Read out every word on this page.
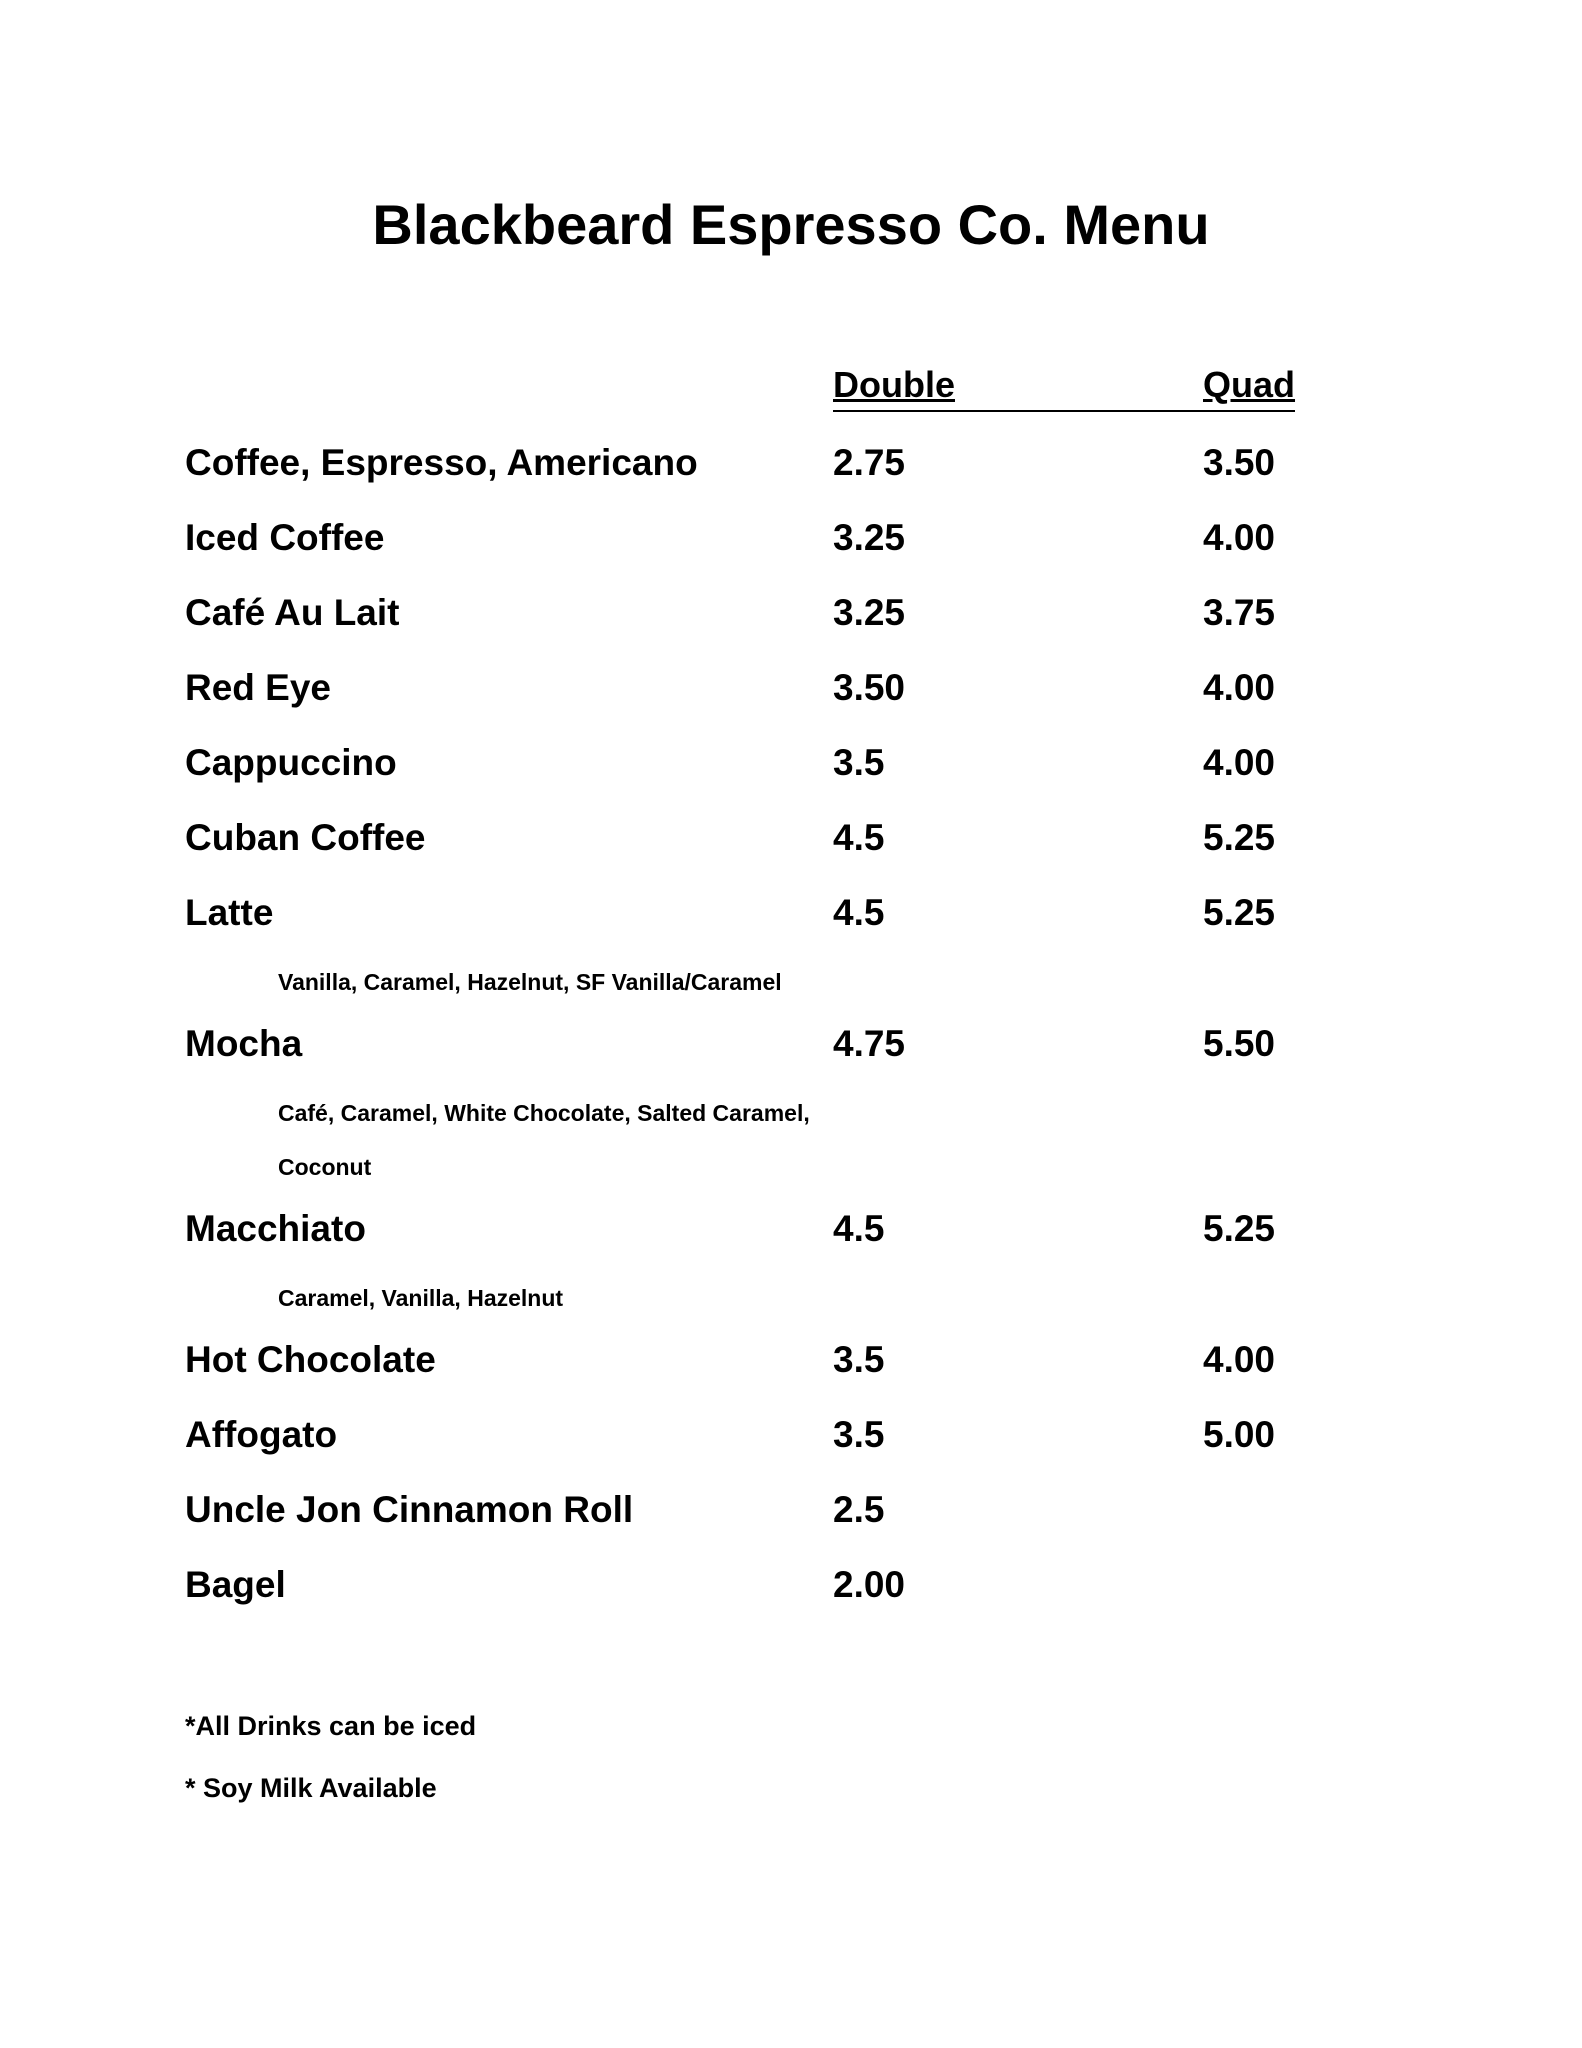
Blackbeard Espresso Co. Menu
Double	Quad
Coffee, Espresso, Americano	2.75	3.50
Iced Coffee	3.25	4.00
Café Au Lait	3.25	3.75
Red Eye	3.50	4.00
Cappuccino	3.5	4.00
Cuban Coffee	4.5	5.25
Latte	4.5	5.25
Vanilla, Caramel, Hazelnut, SF Vanilla/Caramel
Mocha	4.75	5.50
Café, Caramel, White Chocolate, Salted Caramel, Coconut
Macchiato	4.5	5.25
Caramel, Vanilla, Hazelnut
Hot Chocolate	3.5	4.00
Affogato	3.5	5.00
Uncle Jon Cinnamon Roll	2.5
Bagel	2.00
*All Drinks can be iced
* Soy Milk Available
